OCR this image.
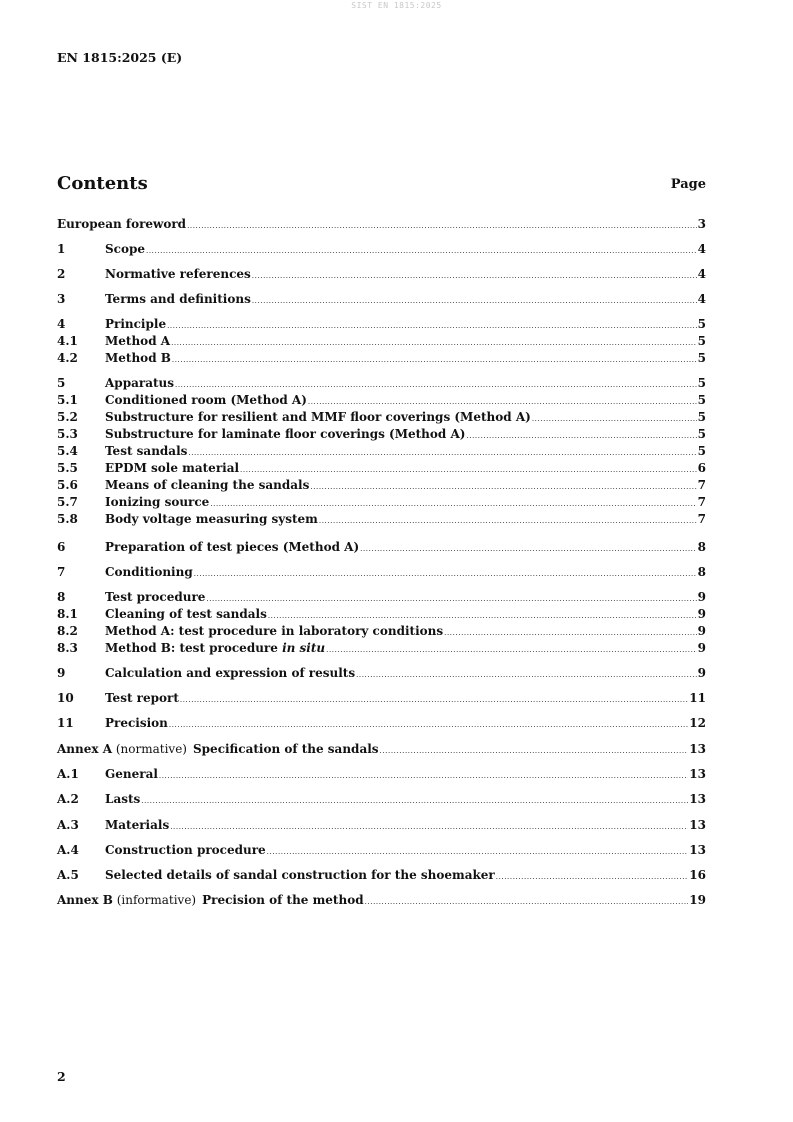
SIST EN 1815:2025
EN 1815:2025 (E)
Contents	Page
European foreword .....	3
1	Scope .....	4
2	Normative references .....	4
3	Terms and definitions .....	4
4	Principle .....	5
4.1	Method A .....	5
4.2	Method B .....	5
5	Apparatus .....	5
5.1	Conditioned room (Method A) .....	5
5.2	Substructure for resilient and MMF floor coverings (Method A) .....	5
5.3	Substructure for laminate floor coverings (Method A) .....	5
5.4	Test sandals .....	5
5.5	EPDM sole material .....	6
5.6	Means of cleaning the sandals .....	7
5.7	Ionizing source .....	7
5.8	Body voltage measuring system .....	7
6	Preparation of test pieces (Method A) .....	8
7	Conditioning .....	8
8	Test procedure .....	9
8.1	Cleaning of test sandals .....	9
8.2	Method A: test procedure in laboratory conditions .....	9
8.3	Method B: test procedure in situ .....	9
9	Calculation and expression of results .....	9
10	Test report .....	11
11	Precision .....	12
Annex A (normative) Specification of the sandals .....	13
A.1	General .....	13
A.2	Lasts .....	13
A.3	Materials .....	13
A.4	Construction procedure .....	13
A.5	Selected details of sandal construction for the shoemaker .....	16
Annex B (informative) Precision of the method .....	19
2
